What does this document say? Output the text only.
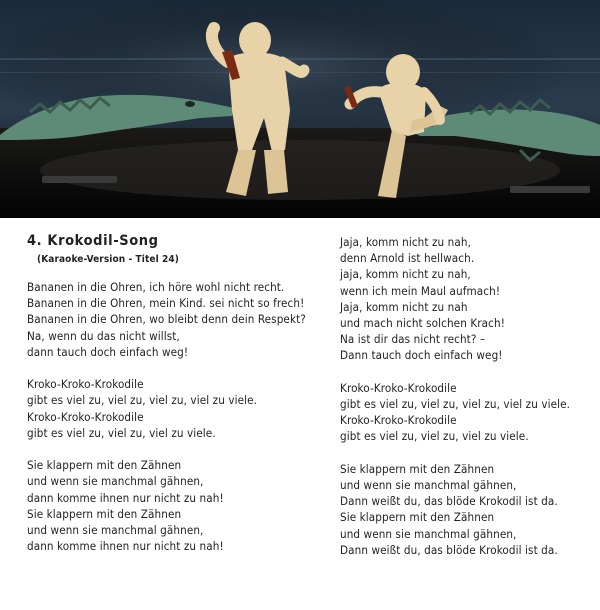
4. Krokodil-Song
(Karaoke-Version - Titel 24)
Bananen in die Ohren, ich höre wohl nicht recht.
Bananen in die Ohren, mein Kind. sei nicht so frech!
Bananen in die Ohren, wo bleibt denn dein Respekt?
Na, wenn du das nicht willst,
dann tauch doch einfach weg!
Kroko-Kroko-Krokodile
gibt es viel zu, viel zu, viel zu, viel zu viele.
Kroko-Kroko-Krokodile
gibt es viel zu, viel zu, viel zu viele.
Sie klappern mit den Zähnen
und wenn sie manchmal gähnen,
dann komme ihnen nur nicht zu nah!
Sie klappern mit den Zähnen
und wenn sie manchmal gähnen,
dann komme ihnen nur nicht zu nah!
Jaja, komm nicht zu nah,
denn Arnold ist hellwach.
jaja, komm nicht zu nah,
wenn ich mein Maul aufmach!
Jaja, komm nicht zu nah
und mach nicht solchen Krach!
Na ist dir das nicht recht? –
Dann tauch doch einfach weg!
Kroko-Kroko-Krokodile
gibt es viel zu, viel zu, viel zu, viel zu viele.
Kroko-Kroko-Krokodile
gibt es viel zu, viel zu, viel zu viele.
Sie klappern mit den Zähnen
und wenn sie manchmal gähnen,
Dann weißt du, das blöde Krokodil ist da.
Sie klappern mit den Zähnen
und wenn sie manchmal gähnen,
Dann weißt du, das blöde Krokodil ist da.
